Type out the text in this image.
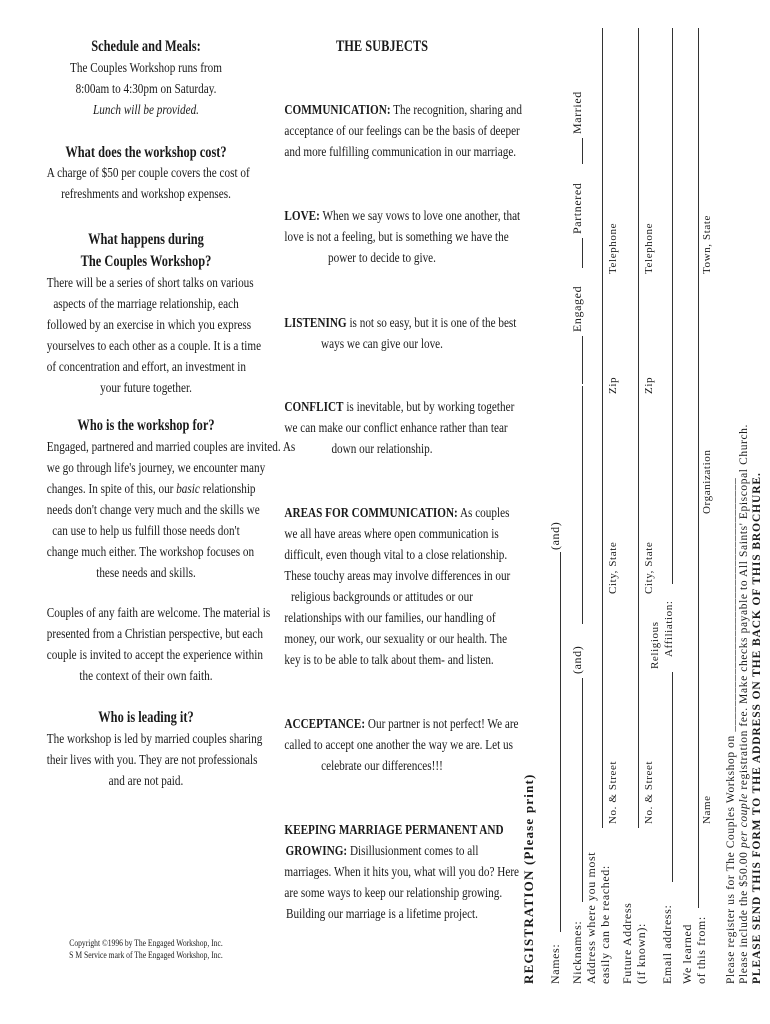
Schedule and Meals:
The Couples Workshop runs from
8:00am to 4:30pm on Saturday.
Lunch will be provided.
What does the workshop cost?
A charge of $50 per couple covers the cost of
refreshments and workshop expenses.
What happens during
The Couples Workshop?
There will be a series of short talks on various
aspects of the marriage relationship, each
followed by an exercise in which you express
yourselves to each other as a couple. It is a time
of concentration and effort, an investment in
your future together.
Who is the workshop for?
Engaged, partnered and married couples are invited. As
we go through life's journey, we encounter many
changes. In spite of this, our basic relationship
needs don't change very much and the skills we
can use to help us fulfill those needs don't
change much either. The workshop focuses on
these needs and skills.
Couples of any faith are welcome. The material is
presented from a Christian perspective, but each
couple is invited to accept the experience within
the context of their own faith.
Who is leading it?
The workshop is led by married couples sharing
their lives with you. They are not professionals
and are not paid.
Copyright ©1996 by The Engaged Workshop, Inc.
S M Service mark of The Engaged Workshop, Inc.
THE SUBJECTS
COMMUNICATION: The recognition, sharing and
acceptance of our feelings can be the basis of deeper
and more fulfilling communication in our marriage.
LOVE: When we say vows to love one another, that
love is not a feeling, but is something we have the
power to decide to give.
LISTENING is not so easy, but it is one of the best
ways we can give our love.
CONFLICT is inevitable, but by working together
we can make our conflict enhance rather than tear
down our relationship.
AREAS FOR COMMUNICATION: As couples
we all have areas where open communication is
difficult, even though vital to a close relationship.
These touchy areas may involve differences in our
religious backgrounds or attitudes or our
relationships with our families, our handling of
money, our work, our sexuality or our health. The
key is to be able to talk about them- and listen.
ACCEPTANCE: Our partner is not perfect! We are
called to accept one another the way we are. Let us
celebrate our differences!!!
KEEPING MARRIAGE PERMANENT AND
GROWING: Disillusionment comes to all
marriages. When it hits you, what will you do? Here
are some ways to keep our relationship growing.
Building our marriage is a lifetime project.	REGISTRATION (Please print) Names:
(and)
Nicknames:
(and)
Engaged
Partnered
Married
Address where you most easily can be reached:
No. & Street
City, State
Zip
Telephone
Future Address (if known):
No. & Street
City, State
Zip
Telephone
Email address:
Religious Affiliation:
We learned of this from:
Name
Organization
Town, State
Please register us for The Couples Workshop on ________________________________________ Please include the $50.00 per couple registration fee. Make checks payable to All Saints' Episcopal Church. PLEASE SEND THIS FORM TO THE ADDRESS ON THE BACK OF THIS BROCHURE.
